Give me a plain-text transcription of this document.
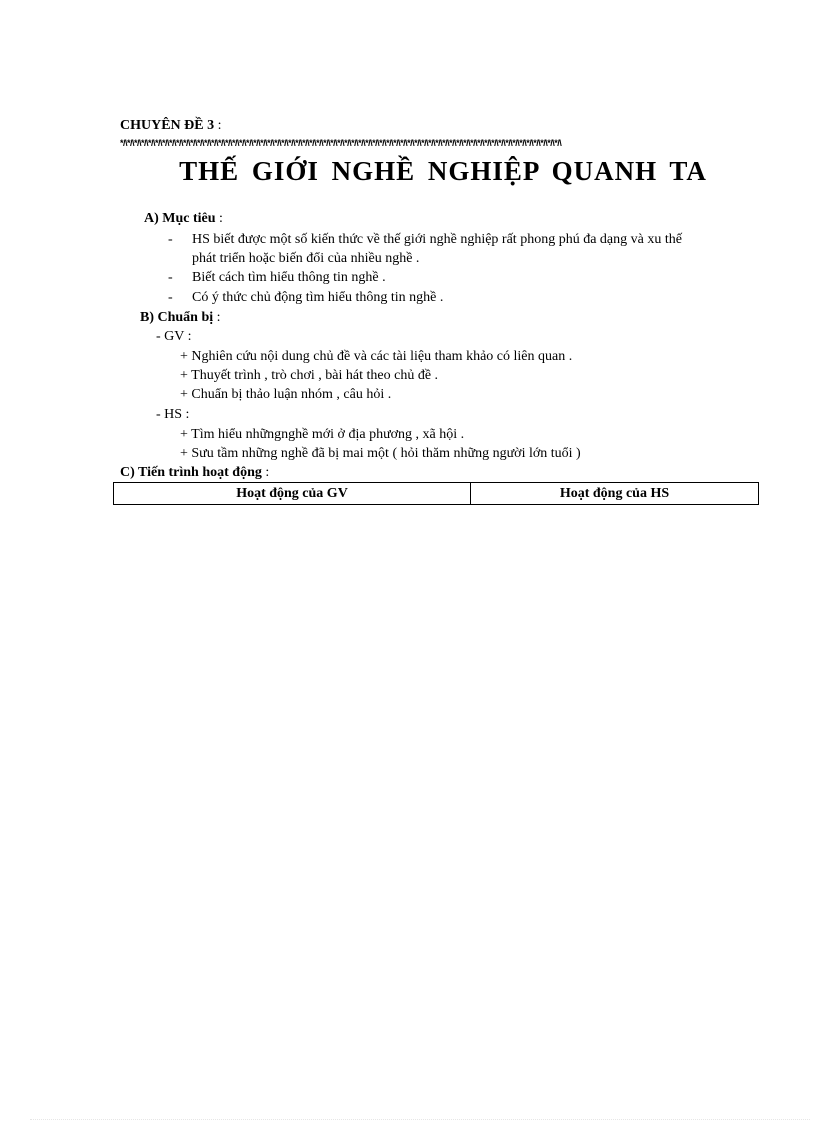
CHUYÊN ĐỀ 3 :
*/\*/\*/\*/\*/\*/\*/\*/\*/\*/\*/\*/\*/\*/\*/\*/\*/\*/\*/\*/\*/\*/\*/\*/\*/\*/\*/\*/\*/\*/\*/\*/\*/\*/\*/\*/\*/\*/\*/\*/\*/\*/\*/\*/\*/\*/\*/\*/\*/\*/\*/\*/\*/\*/\*/\*/\*/\*/\*/\*/\*/\*/\*/\
THẾ GIỚI NGHỀ NGHIỆP QUANH TA
A) Mục tiêu :
- HS biết được một số kiến thức về thế giới nghề nghiệp rất phong phú đa dạng và xu thế
phát triển hoặc biến đổi của nhiều nghề .
- Biết cách tìm hiểu thông tin nghề .
- Có ý thức chủ động tìm hiểu thông tin nghề .
B) Chuẩn bị :
- GV :
+ Nghiên cứu nội dung chủ đề và các tài liệu tham khảo có liên quan .
+ Thuyết trình , trò chơi , bài hát theo chủ đề .
+ Chuẩn bị thảo luận nhóm , câu hỏi .
- HS :
+ Tìm hiểu nhữngnghề mới ở địa phương , xã hội .
+ Sưu tầm những nghề đã bị mai một ( hỏi thăm những người lớn tuổi )
C) Tiến trình hoạt động :
Hoạt động của GV	Hoạt động của HS
